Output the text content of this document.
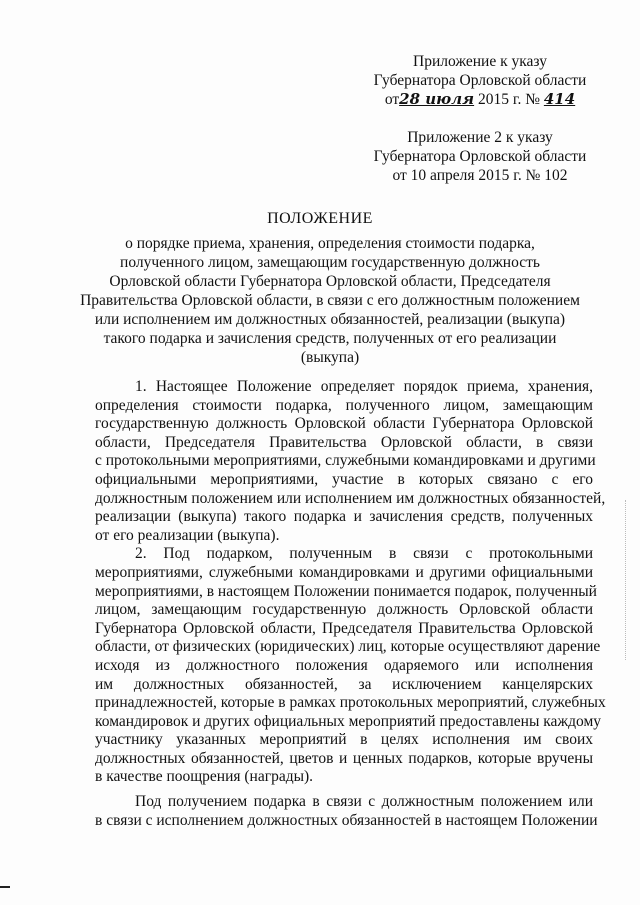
Приложение к указу
Губернатора Орловской области
от28 июля 2015 г. № 414
Приложение 2 к указу
Губернатора Орловской области
от 10 апреля 2015 г. № 102
ПОЛОЖЕНИЕ
о порядке приема, хранения, определения стоимости подарка,
полученного лицом, замещающим государственную должность
Орловской области Губернатора Орловской области, Председателя
Правительства Орловской области, в связи с его должностным положением
или исполнением им должностных обязанностей, реализации (выкупа)
такого подарка и зачисления средств, полученных от его реализации
(выкупа)
1. Настоящее Положение определяет порядок приема, хранения,
определения стоимости подарка, полученного лицом, замещающим
государственную должность Орловской области Губернатора Орловской
области, Председателя Правительства Орловской области, в связи
с протокольными мероприятиями, служебными командировками и другими
официальными мероприятиями, участие в которых связано с его
должностным положением или исполнением им должностных обязанностей,
реализации (выкупа) такого подарка и зачисления средств, полученных
от его реализации (выкупа).
2. Под подарком, полученным в связи с протокольными
мероприятиями, служебными командировками и другими официальными
мероприятиями, в настоящем Положении понимается подарок, полученный
лицом, замещающим государственную должность Орловской области
Губернатора Орловской области, Председателя Правительства Орловской
области, от физических (юридических) лиц, которые осуществляют дарение
исходя из должностного положения одаряемого или исполнения
им должностных обязанностей, за исключением канцелярских
принадлежностей, которые в рамках протокольных мероприятий, служебных
командировок и других официальных мероприятий предоставлены каждому
участнику указанных мероприятий в целях исполнения им своих
должностных обязанностей, цветов и ценных подарков, которые вручены
в качестве поощрения (награды).
Под получением подарка в связи с должностным положением или
в связи с исполнением должностных обязанностей в настоящем Положении
